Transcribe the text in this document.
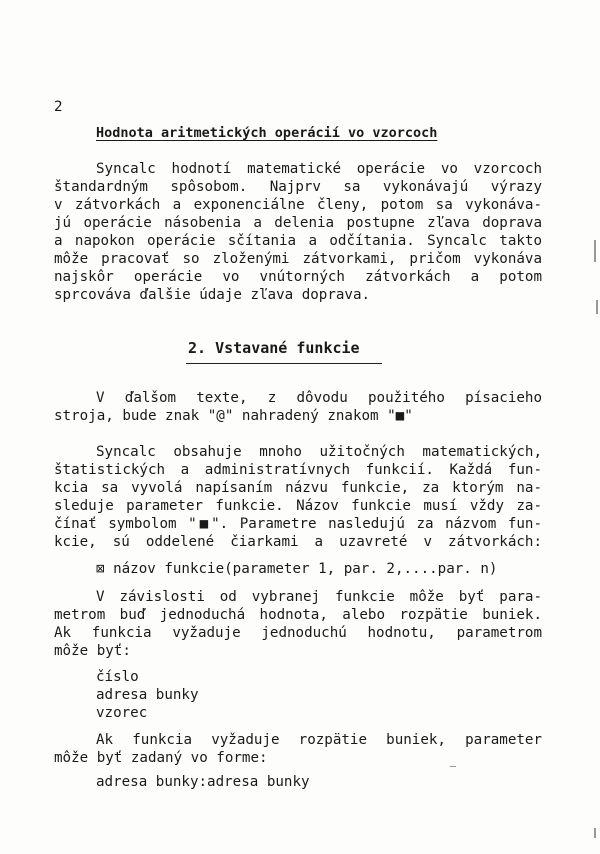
2
Hodnota aritmetických operácií vo vzorcoch
Syncalc hodnotí matematické operácie vo vzorcoch
štandardným spôsobom. Najprv sa vykonávajú výrazy
v zátvorkách a exponenciálne členy, potom sa vykonáva-
jú operácie násobenia a delenia postupne zľava doprava
a napokon operácie sčítania a odčítania. Syncalc takto
môže pracovať so zloženými zátvorkami, pričom vykonáva
najskôr operácie vo vnútorných zátvorkách a potom
sprcováva ďalšie údaje zľava doprava.
2. Vstavané funkcie
V ďalšom texte, z dôvodu použitého písacieho
stroja, bude znak "@" nahradený znakom "■"
Syncalc obsahuje mnoho užitočných matematických,
štatistických a administratívnych funkcií. Každá fun-
kcia sa vyvolá napísaním názvu funkcie, za ktorým na-
sleduje parameter funkcie. Názov funkcie musí vždy za-
čínať symbolom "■". Parametre nasledujú za názvom fun-
kcie, sú oddelené čiarkami a uzavreté v zátvorkách:
⊠ názov funkcie(parameter 1, par. 2,....par. n)
V závislosti od vybranej funkcie môže byť para-
metrom buď jednoduchá hodnota, alebo rozpätie buniek.
Ak funkcia vyžaduje jednoduchú hodnotu, parametrom
môže byť:
číslo
adresa bunky
vzorec
Ak funkcia vyžaduje rozpätie buniek, parameter
môže byť zadaný vo forme:
adresa bunky:adresa bunky
